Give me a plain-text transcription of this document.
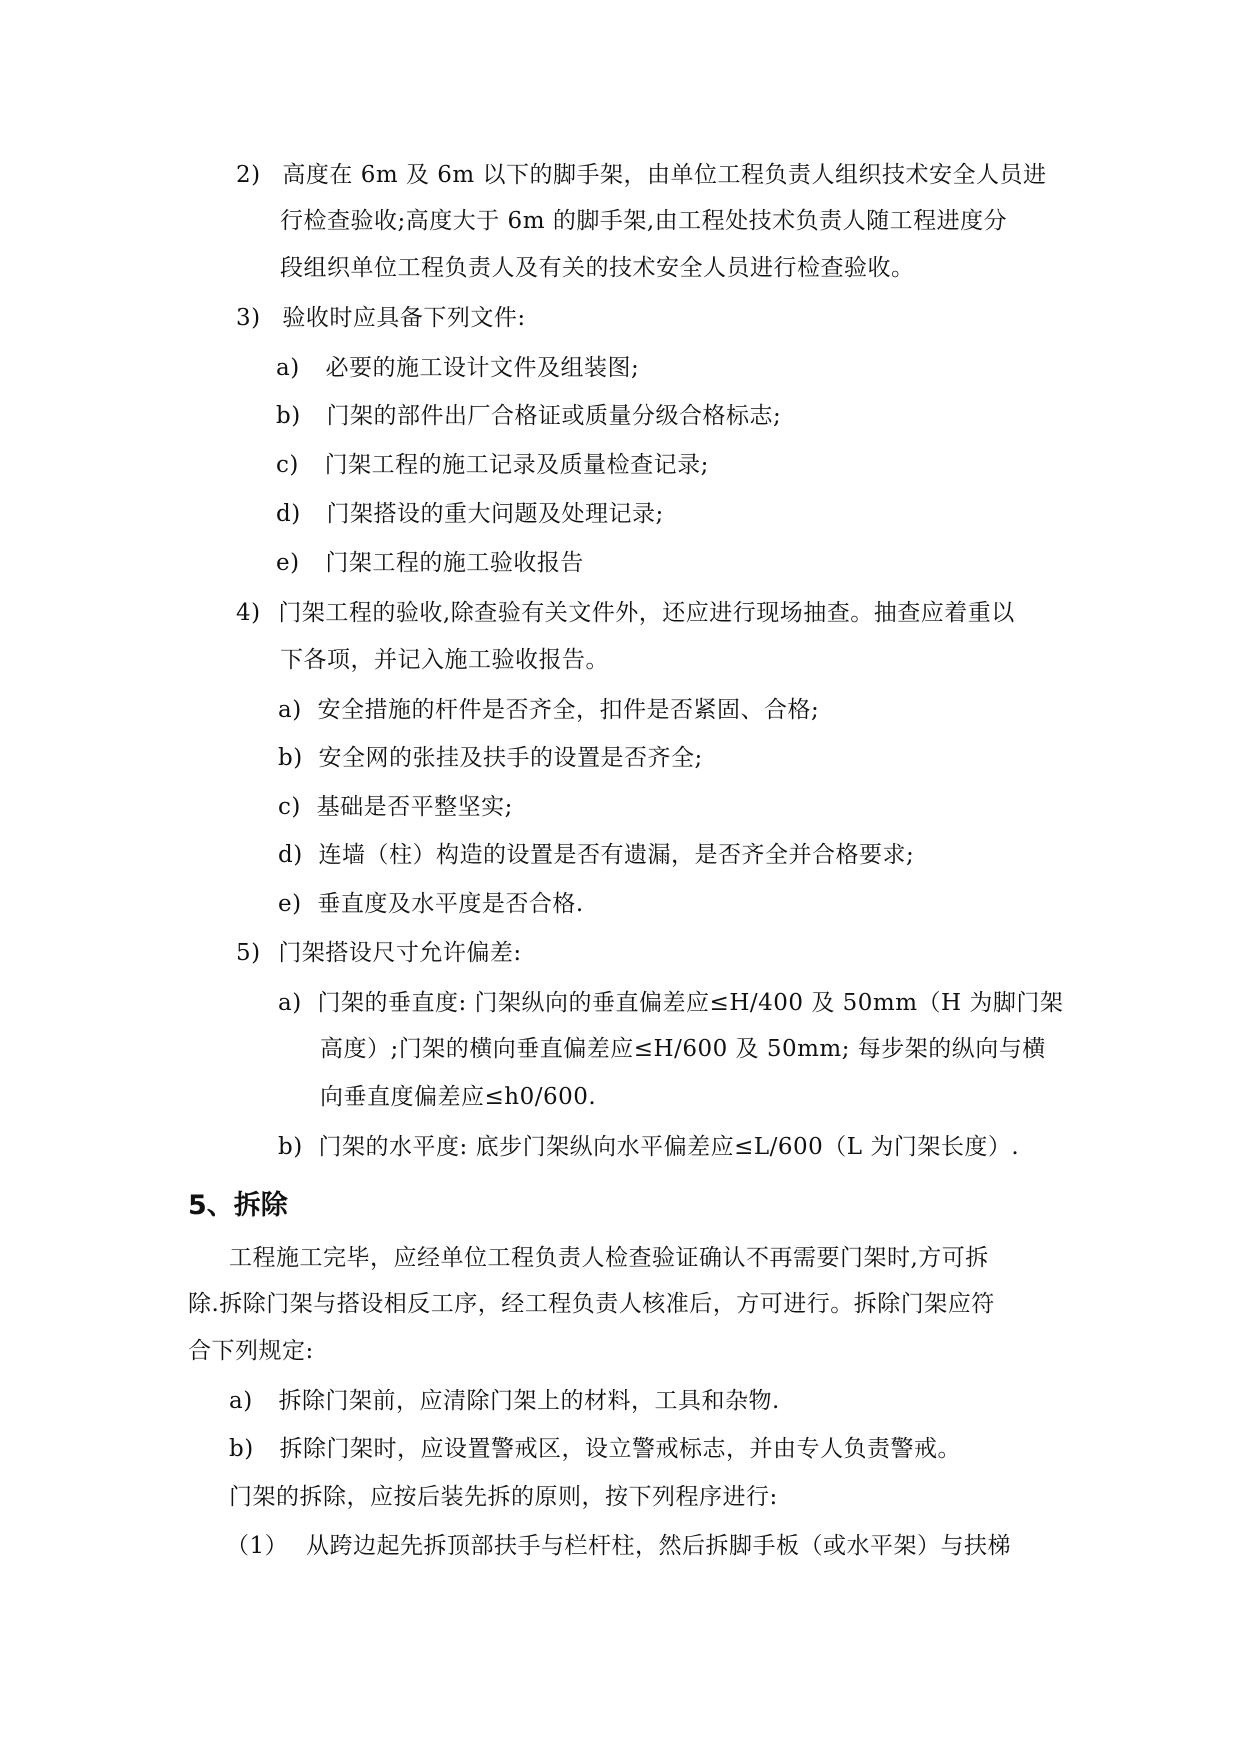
2) 高度在 6m 及 6m 以下的脚手架，由单位工程负责人组织技术安全人员进
行检查验收;高度大于 6m 的脚手架,由工程处技术负责人随工程进度分
段组织单位工程负责人及有关的技术安全人员进行检查验收。
3) 验收时应具备下列文件:
a) 必要的施工设计文件及组装图;
b) 门架的部件出厂合格证或质量分级合格标志;
c) 门架工程的施工记录及质量检查记录;
d) 门架搭设的重大问题及处理记录;
e) 门架工程的施工验收报告
4) 门架工程的验收,除查验有关文件外，还应进行现场抽查。抽查应着重以
下各项，并记入施工验收报告。
a) 安全措施的杆件是否齐全，扣件是否紧固、合格;
b) 安全网的张挂及扶手的设置是否齐全;
c) 基础是否平整坚实;
d) 连墙（柱）构造的设置是否有遗漏，是否齐全并合格要求;
e) 垂直度及水平度是否合格.
5) 门架搭设尺寸允许偏差:
a) 门架的垂直度: 门架纵向的垂直偏差应≤H/400 及 50mm（H 为脚门架
高度）;门架的横向垂直偏差应≤H/600 及 50mm; 每步架的纵向与横
向垂直度偏差应≤h0/600.
b) 门架的水平度: 底步门架纵向水平偏差应≤L/600（L 为门架长度）.
5、拆除
工程施工完毕，应经单位工程负责人检查验证确认不再需要门架时,方可拆
除.拆除门架与搭设相反工序，经工程负责人核准后，方可进行。拆除门架应符
合下列规定:
a) 拆除门架前，应清除门架上的材料，工具和杂物.
b) 拆除门架时，应设置警戒区，设立警戒标志，并由专人负责警戒。
门架的拆除，应按后装先拆的原则，按下列程序进行:
（1） 从跨边起先拆顶部扶手与栏杆柱，然后拆脚手板（或水平架）与扶梯
